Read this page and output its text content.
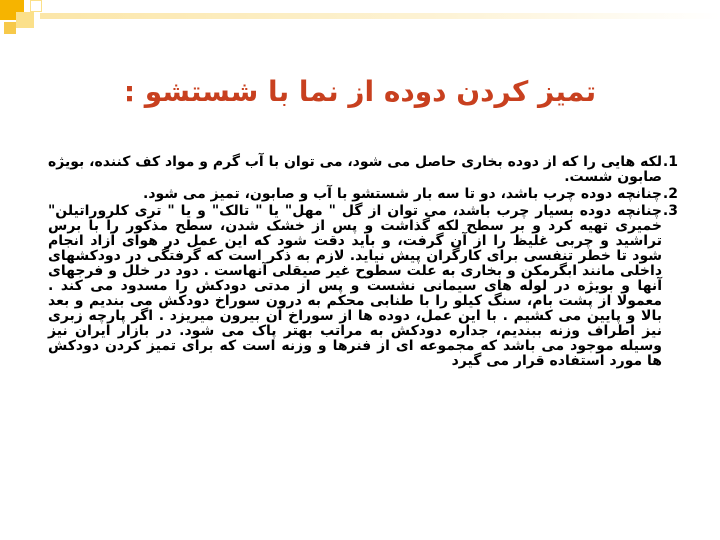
تمیز کردن دوده از نما با شستشو :
1.
لکه هایی را که از دوده بخاری حاصل می شود، می توان با آب گرم و مواد کف کننده، بویژه صابون شست.
2.
چنانچه دوده چرب باشد، دو تا سه بار شستشو با آب و صابون، تمیز می شود.
3.
چنانچه دوده بسیار چرب باشد، می توان از گل " مهل" یا " تالک" و یا " تری کلروراتیلن" خمیری تهیه کرد و بر سطح لکه گذاشت و پس از خشک شدن، سطح مذکور را با برس تراشید و چربی غلیظ را از آن گرفت، و باید دقت شود که این عمل در هوای آزاد انجام شود تا خطر تنفسی برای کارگران پیش نیاید. لازم به ذکر است که گرفتگی در دودکشهای داخلی مانند ابگرمکن و بخاری به علت سطوح غیر صیقلی آنهاست . دود در خلل و فرجهای آنها و بویژه در لوله های سیمانی نشست و پس از مدتی دودکش را مسدود می کند . معمولا از پشت بام، سنگ کیلو را با طنابی محکم به درون سوراخ دودکش می بندیم و بعد بالا و پایین می کشیم . با این عمل، دوده ها از سوراخ آن بیرون میریزد . اگر پارچه زبری نیز اطراف وزنه ببندیم، جداره دودکش به مراتب بهتر پاک می شود. در بازار ایران نیز وسیله موجود می باشد که مجموعه ای از فنرها و وزنه است که برای تمیز کردن دودکش ها مورد استفاده قرار می گیرد
